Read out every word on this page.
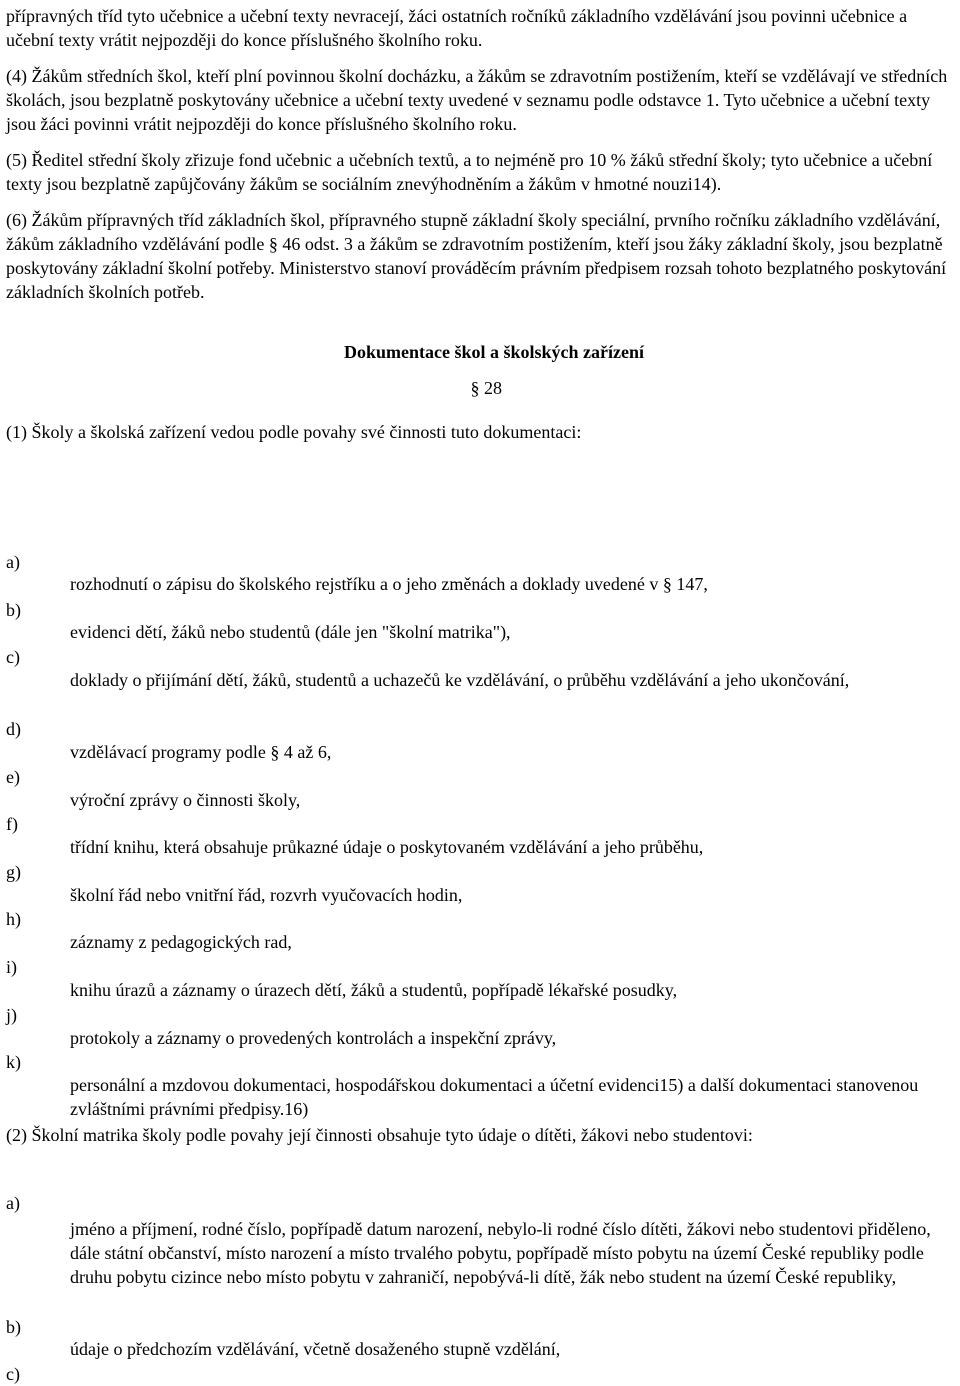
přípravných tříd tyto učebnice a učební texty nevracejí, žáci ostatních ročníků základního vzdělávání jsou povinni učebnice a učební texty vrátit nejpozději do konce příslušného školního roku.

(4) Žákům středních škol, kteří plní povinnou školní docházku, a žákům se zdravotním postižením, kteří se vzdělávají ve středních školách, jsou bezplatně poskytovány učebnice a učební texty uvedené v seznamu podle odstavce 1. Tyto učebnice a učební texty jsou žáci povinni vrátit nejpozději do konce příslušného školního roku.

(5) Ředitel střední školy zřizuje fond učebnic a učebních textů, a to nejméně pro 10 % žáků střední školy; tyto učebnice a učební texty jsou bezplatně zapůjčovány žákům se sociálním znevýhodněním a žákům v hmotné nouzi14).

(6) Žákům přípravných tříd základních škol, přípravného stupně základní školy speciální, prvního ročníku základního vzdělávání, žákům základního vzdělávání podle § 46 odst. 3 a žákům se zdravotním postižením, kteří jsou žáky základní školy, jsou bezplatně poskytovány základní školní potřeby. Ministerstvo stanoví prováděcím právním předpisem rozsah tohoto bezplatného poskytování základních školních potřeb.

Dokumentace škol a školských zařízení

§ 28

(1) Školy a školská zařízení vedou podle povahy své činnosti tuto dokumentaci:

(2) Školní matrika školy podle povahy její činnosti obsahuje tyto údaje o dítěti, žákovi nebo studentovi:

a)
rozhodnutí o zápisu do školského rejstříku a o jeho změnách a doklady uvedené v § 147,
b)
evidenci dětí, žáků nebo studentů (dále jen "školní matrika"),
c)
doklady o přijímání dětí, žáků, studentů a uchazečů ke vzdělávání, o průběhu vzdělávání a jeho ukončování,
d)
vzdělávací programy podle § 4 až 6,
e)
výroční zprávy o činnosti školy,
f)
třídní knihu, která obsahuje průkazné údaje o poskytovaném vzdělávání a jeho průběhu,
g)
školní řád nebo vnitřní řád, rozvrh vyučovacích hodin,
h)
záznamy z pedagogických rad,
i)
knihu úrazů a záznamy o úrazech dětí, žáků a studentů, popřípadě lékařské posudky,
j)
protokoly a záznamy o provedených kontrolách a inspekční zprávy,
k)
personální a mzdovou dokumentaci, hospodářskou dokumentaci a účetní evidenci15) a další dokumentaci stanovenou zvláštními právními předpisy.16)
a)
jméno a příjmení, rodné číslo, popřípadě datum narození, nebylo-li rodné číslo dítěti, žákovi nebo studentovi přiděleno, dále státní občanství, místo narození a místo trvalého pobytu, popřípadě místo pobytu na území České republiky podle druhu pobytu cizince nebo místo pobytu v zahraničí, nepobývá-li dítě, žák nebo student na území České republiky,
b)
údaje o předchozím vzdělávání, včetně dosaženého stupně vzdělání,
c)
